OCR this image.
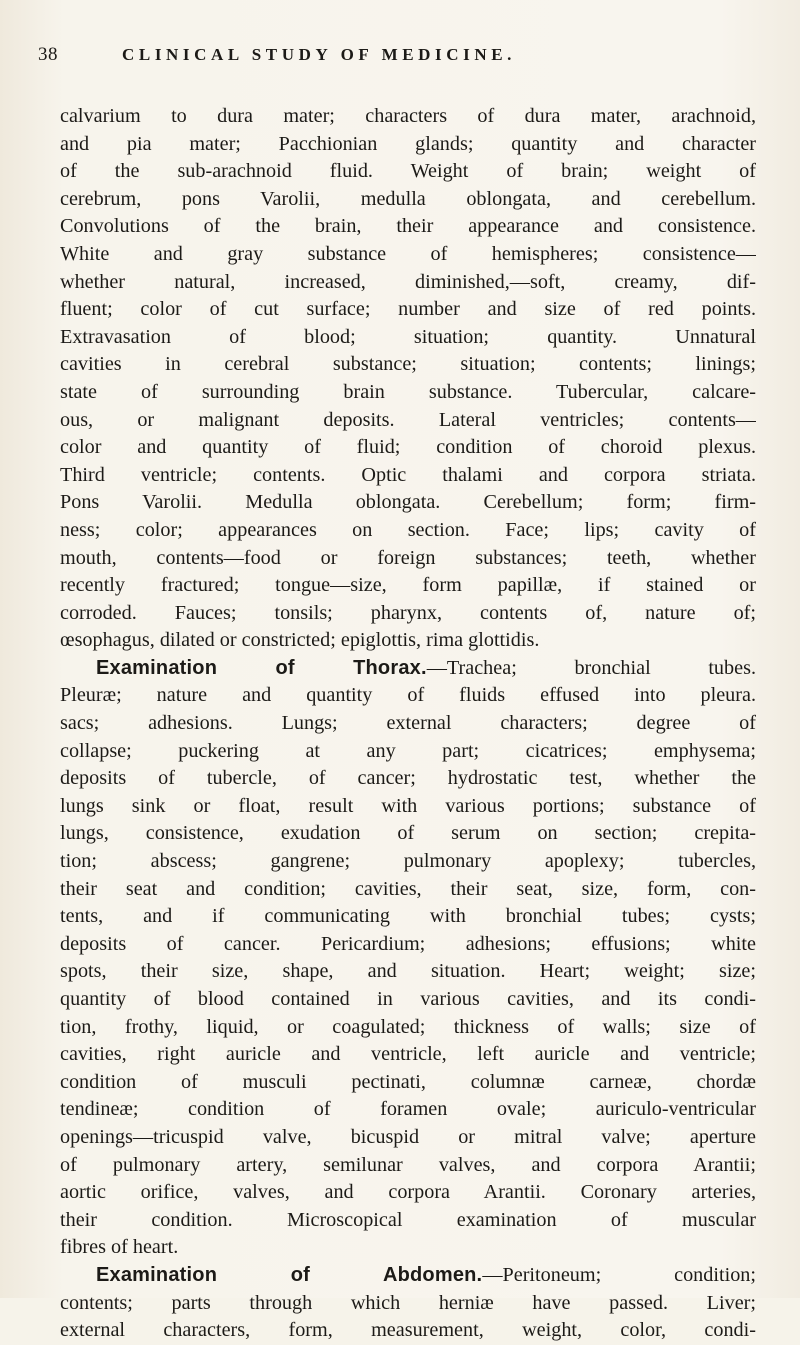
38	CLINICAL STUDY OF MEDICINE.
calvarium to dura mater; characters of dura mater, arachnoid,
and pia mater; Pacchionian glands; quantity and character
of the sub-arachnoid fluid. Weight of brain; weight of
cerebrum, pons Varolii, medulla oblongata, and cerebellum.
Convolutions of the brain, their appearance and consistence.
White and gray substance of hemispheres; consistence—
whether natural, increased, diminished,—soft, creamy, dif-
fluent; color of cut surface; number and size of red points.
Extravasation of blood; situation; quantity. Unnatural
cavities in cerebral substance; situation; contents; linings;
state of surrounding brain substance. Tubercular, calcare-
ous, or malignant deposits. Lateral ventricles; contents—
color and quantity of fluid; condition of choroid plexus.
Third ventricle; contents. Optic thalami and corpora striata.
Pons Varolii. Medulla oblongata. Cerebellum; form; firm-
ness; color; appearances on section. Face; lips; cavity of
mouth, contents—food or foreign substances; teeth, whether
recently fractured; tongue—size, form papillæ, if stained or
corroded. Fauces; tonsils; pharynx, contents of, nature of;
œsophagus, dilated or constricted; epiglottis, rima glottidis.
Examination of Thorax.—Trachea; bronchial tubes.
Pleuræ; nature and quantity of fluids effused into pleura.
sacs; adhesions. Lungs; external characters; degree of
collapse; puckering at any part; cicatrices; emphysema;
deposits of tubercle, of cancer; hydrostatic test, whether the
lungs sink or float, result with various portions; substance of
lungs, consistence, exudation of serum on section; crepita-
tion; abscess; gangrene; pulmonary apoplexy; tubercles,
their seat and condition; cavities, their seat, size, form, con-
tents, and if communicating with bronchial tubes; cysts;
deposits of cancer. Pericardium; adhesions; effusions; white
spots, their size, shape, and situation. Heart; weight; size;
quantity of blood contained in various cavities, and its condi-
tion, frothy, liquid, or coagulated; thickness of walls; size of
cavities, right auricle and ventricle, left auricle and ventricle;
condition of musculi pectinati, columnæ carneæ, chordæ
tendineæ; condition of foramen ovale; auriculo-ventricular
openings—tricuspid valve, bicuspid or mitral valve; aperture
of pulmonary artery, semilunar valves, and corpora Arantii;
aortic orifice, valves, and corpora Arantii. Coronary arteries,
their condition. Microscopical examination of muscular
fibres of heart.
Examination of Abdomen.—Peritoneum; condition;
contents; parts through which herniæ have passed. Liver;
external characters, form, measurement, weight, color, condi-
